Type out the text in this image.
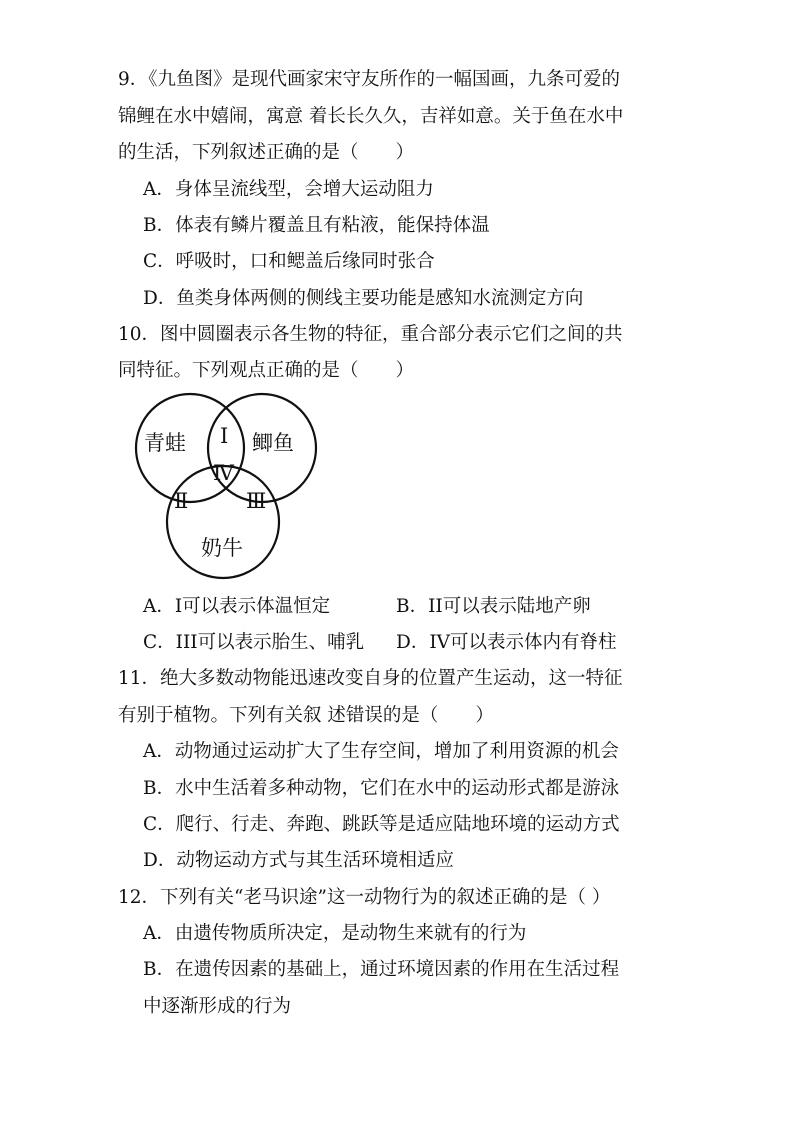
9．《九鱼图》是现代画家宋守友所作的一幅国画，九条可爱的
锦鲤在水中嬉闹，寓意 着长长久久，吉祥如意。关于鱼在水中
的生活，下列叙述正确的是（　　）
A．身体呈流线型，会增大运动阻力
B．体表有鳞片覆盖且有粘液，能保持体温
C．呼吸时，口和鳃盖后缘同时张合
D．鱼类身体两侧的侧线主要功能是感知水流测定方向
10．图中圆圈表示各生物的特征，重合部分表示它们之间的共
同特征。下列观点正确的是（　　）
青蛙	鲫鱼
奶牛
Ⅰ
Ⅱ	Ⅲ
Ⅳ
A．I可以表示体温恒定	B．II可以表示陆地产卵
C．III可以表示胎生、哺乳 D．IV可以表示体内有脊柱
11．绝大多数动物能迅速改变自身的位置产生运动，这一特征
有别于植物。下列有关叙 述错误的是（　　）
A．动物通过运动扩大了生存空间，增加了利用资源的机会
B．水中生活着多种动物，它们在水中的运动形式都是游泳
C．爬行、行走、奔跑、跳跃等是适应陆地环境的运动方式
D．动物运动方式与其生活环境相适应
12．下列有关“老马识途”这一动物行为的叙述正确的是（ ）
A．由遗传物质所决定，是动物生来就有的行为
B．在遗传因素的基础上，通过环境因素的作用在生活过程
中逐渐形成的行为
